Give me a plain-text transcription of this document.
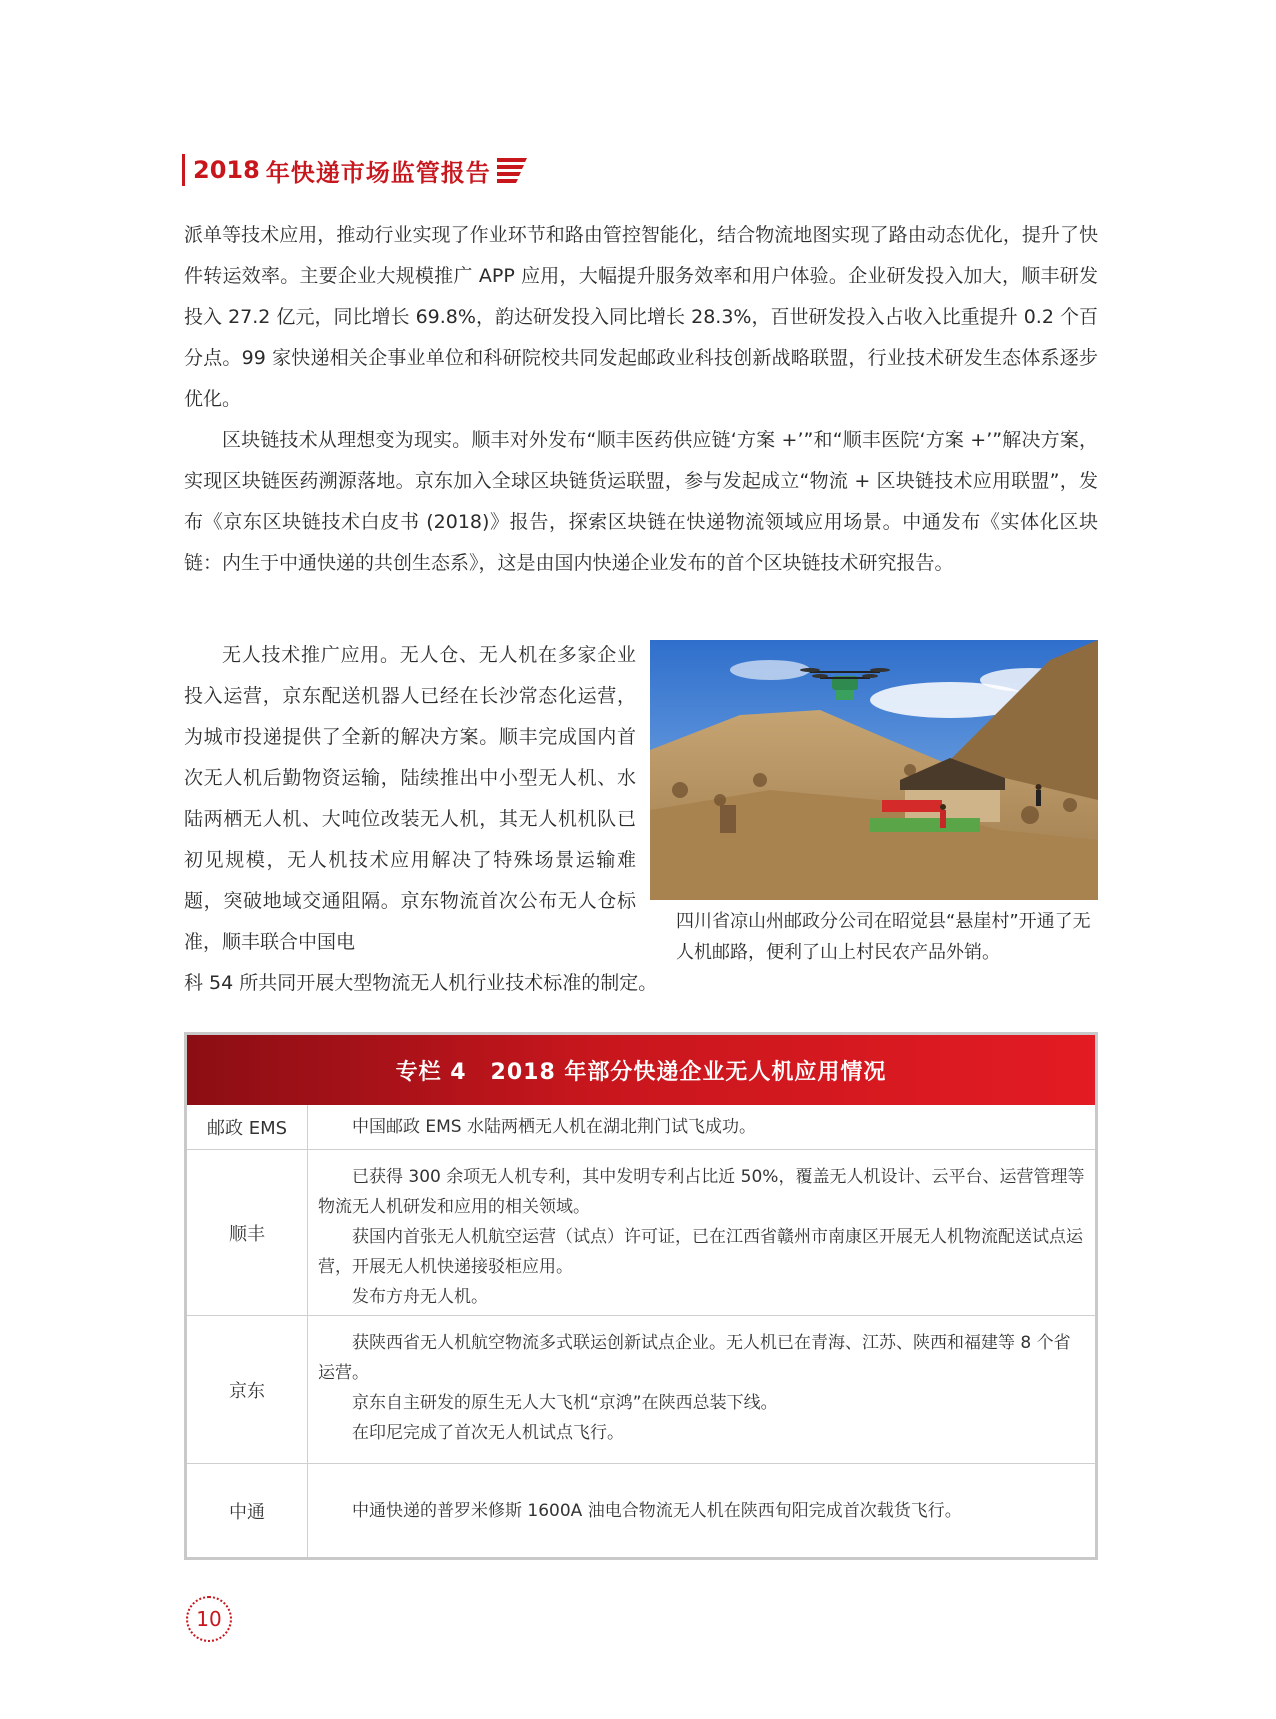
2018 年快递市场监管报告

派单等技术应用，推动行业实现了作业环节和路由管控智能化，结合物流地图实现了路由动态优化，提升了快件转运效率。主要企业大规模推广 APP 应用，大幅提升服务效率和用户体验。企业研发投入加大，顺丰研发投入 27.2 亿元，同比增长 69.8%，韵达研发投入同比增长 28.3%，百世研发投入占收入比重提升 0.2 个百分点。99 家快递相关企事业单位和科研院校共同发起邮政业科技创新战略联盟，行业技术研发生态体系逐步优化。

区块链技术从理想变为现实。顺丰对外发布“顺丰医药供应链‘方案 +’”和“顺丰医院‘方案 +’”解决方案，实现区块链医药溯源落地。京东加入全球区块链货运联盟，参与发起成立“物流 + 区块链技术应用联盟”，发布《京东区块链技术白皮书 (2018)》报告，探索区块链在快递物流领域应用场景。中通发布《实体化区块链：内生于中通快递的共创生态系》，这是由国内快递企业发布的首个区块链技术研究报告。

无人技术推广应用。无人仓、无人机在多家企业投入运营，京东配送机器人已经在长沙常态化运营，为城市投递提供了全新的解决方案。顺丰完成国内首次无人机后勤物资运输，陆续推出中小型无人机、水陆两栖无人机、大吨位改装无人机，其无人机机队已初见规模，无人机技术应用解决了特殊场景运输难题，突破地域交通阻隔。京东物流首次公布无人仓标准，顺丰联合中国电

科 54 所共同开展大型物流无人机行业技术标准的制定。

四川省凉山州邮政分公司在昭觉县“悬崖村”开通了无人机邮路，便利了山上村民农产品外销。

专栏 4 2018 年部分快递企业无人机应用情况
邮政 EMS	中国邮政 EMS 水陆两栖无人机在湖北荆门试飞成功。

顺丰

已获得 300 余项无人机专利，其中发明专利占比近 50%，覆盖无人机设计、云平台、运营管理等物流无人机研发和应用的相关领域。

获国内首张无人机航空运营（试点）许可证，已在江西省赣州市南康区开展无人机物流配送试点运营，开展无人机快递接驳柜应用。

发布方舟无人机。

京东

获陕西省无人机航空物流多式联运创新试点企业。无人机已在青海、江苏、陕西和福建等 8 个省运营。

京东自主研发的原生无人大飞机“京鸿”在陕西总装下线。

在印尼完成了首次无人机试点飞行。

中通	中通快递的普罗米修斯 1600A 油电合物流无人机在陕西旬阳完成首次载货飞行。

10
